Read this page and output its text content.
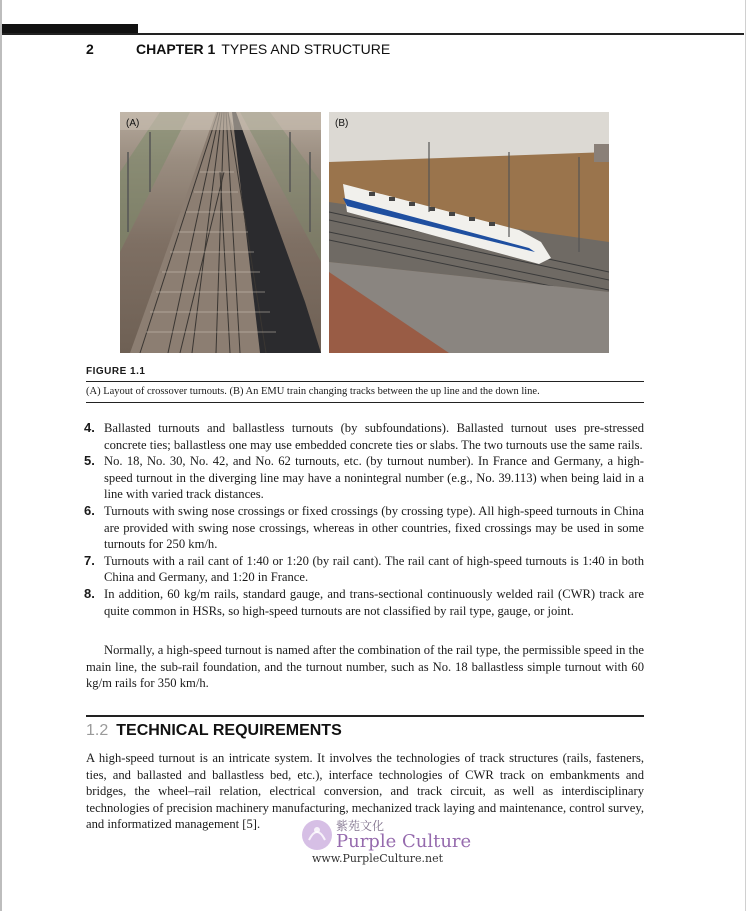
2	CHAPTER 1 TYPES AND STRUCTURE
(A)	(B)
FIGURE 1.1
(A) Layout of crossover turnouts. (B) An EMU train changing tracks between the up line and the down line.
4. Ballasted turnouts and ballastless turnouts (by subfoundations). Ballasted turnout uses pre-stressed concrete ties; ballastless one may use embedded concrete ties or slabs. The two turnouts use the same rails.
5. No. 18, No. 30, No. 42, and No. 62 turnouts, etc. (by turnout number). In France and Germany, a high-speed turnout in the diverging line may have a nonintegral number (e.g., No. 39.113) when being laid in a line with varied track distances.
6. Turnouts with swing nose crossings or fixed crossings (by crossing type). All high-speed turnouts in China are provided with swing nose crossings, whereas in other countries, fixed crossings may be used in some turnouts for 250 km/h.
7. Turnouts with a rail cant of 1:40 or 1:20 (by rail cant). The rail cant of high-speed turnouts is 1:40 in both China and Germany, and 1:20 in France.
8. In addition, 60 kg/m rails, standard gauge, and trans-sectional continuously welded rail (CWR) track are quite common in HSRs, so high-speed turnouts are not classified by rail type, gauge, or joint.
Normally, a high-speed turnout is named after the combination of the rail type, the permissible speed in the main line, the sub-rail foundation, and the turnout number, such as No. 18 ballastless simple turnout with 60 kg/m rails for 350 km/h.
1.2 TECHNICAL REQUIREMENTS
A high-speed turnout is an intricate system. It involves the technologies of track structures (rails, fasteners, ties, and ballasted and ballastless bed, etc.), interface technologies of CWR track on embankments and bridges, the wheel–rail relation, electrical conversion, and track circuit, as well as interdisciplinary technologies of precision machinery manufacturing, mechanized track laying and maintenance, control survey, and informatized management [5].	紫苑文化
Purple Culture
www.PurpleCulture.net
